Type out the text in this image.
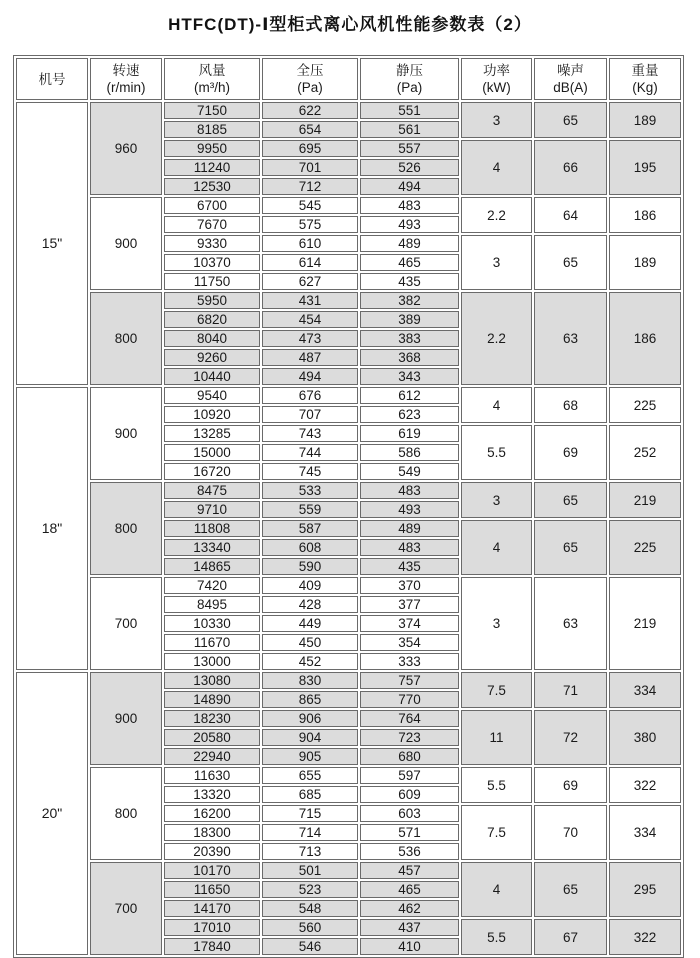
HTFC(DT)-Ⅰ型柜式离心风机性能参数表（2）
机号

转速
(r/min)

风量
(m³/h)

全压
(Pa)

静压
(Pa)

功率
(kW)

噪声
dB(A)

重量
(Kg)

15"	960	7150	622	551	3	65	189
		8185	654	561			
		9950	695	557	4	66	195
		11240	701	526			
		12530	712	494			
	900	6700	545	483	2.2	64	186
		7670	575	493			
		9330	610	489	3	65	189
		10370	614	465			
		11750	627	435			
	800	5950	431	382	2.2	63	186
		6820	454	389			
		8040	473	383			
		9260	487	368			
		10440	494	343			
18"	900	9540	676	612	4	68	225
		10920	707	623			
		13285	743	619	5.5	69	252
		15000	744	586			
		16720	745	549			
	800	8475	533	483	3	65	219
		9710	559	493			
		11808	587	489	4	65	225
		13340	608	483			
		14865	590	435			
	700	7420	409	370	3	63	219
		8495	428	377			
		10330	449	374			
		11670	450	354			
		13000	452	333			
20"	900	13080	830	757	7.5	71	334
		14890	865	770			
		18230	906	764	11	72	380
		20580	904	723			
		22940	905	680			
	800	11630	655	597	5.5	69	322
		13320	685	609			
		16200	715	603	7.5	70	334
		18300	714	571			
		20390	713	536			
	700	10170	501	457	4	65	295
		11650	523	465			
		14170	548	462			
		17010	560	437	5.5	67	322
		17840	546	410			
